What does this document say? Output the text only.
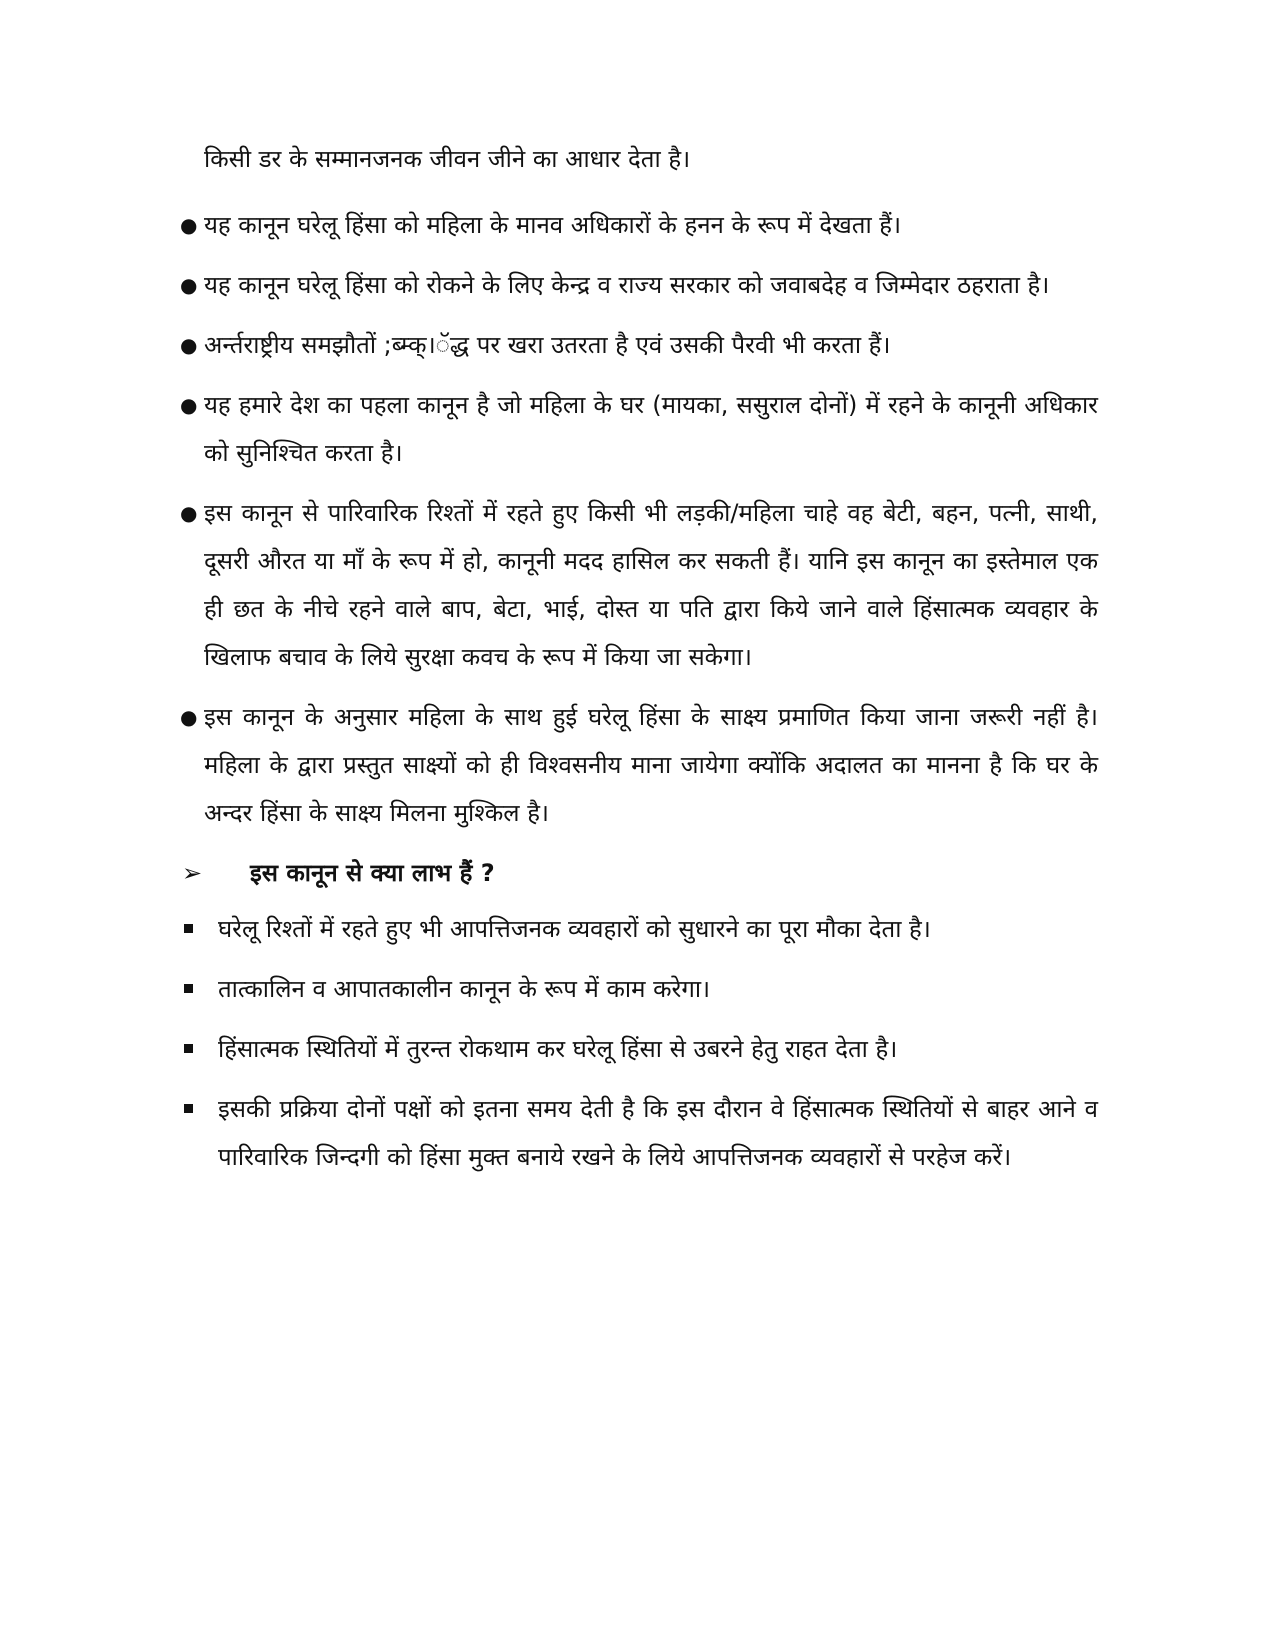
किसी डर के सम्मानजनक जीवन जीने का आधार देता है।

● यह कानून घरेलू हिंसा को महिला के मानव अधिकारों के हनन के रूप में देखता हैं।
● यह कानून घरेलू हिंसा को रोकने के लिए केन्द्र व राज्य सरकार को जवाबदेह व जिम्मेदार ठहराता है।
● अर्न्तराष्ट्रीय समझौतों ;ब्म्क्।ॅद्ध पर खरा उतरता है एवं उसकी पैरवी भी करता हैं।
● यह हमारे देश का पहला कानून है जो महिला के घर (मायका, ससुराल दोनों) में रहने के कानूनी अधिकार को सुनिश्चित करता है।
● इस कानून से पारिवारिक रिश्तों में रहते हुए किसी भी लड़की/महिला चाहे वह बेटी, बहन, पत्नी, साथी, दूसरी औरत या माँ के रूप में हो, कानूनी मदद हासिल कर सकती हैं। यानि इस कानून का इस्तेमाल एक ही छत के नीचे रहने वाले बाप, बेटा, भाई, दोस्त या पति द्वारा किये जाने वाले हिंसात्मक व्यवहार के खिलाफ बचाव के लिये सुरक्षा कवच के रूप में किया जा सकेगा।
● इस कानून के अनुसार महिला के साथ हुई घरेलू हिंसा के साक्ष्य प्रमाणित किया जाना जरूरी नहीं है। महिला के द्वारा प्रस्तुत साक्ष्यों को ही विश्वसनीय माना जायेगा क्योंकि अदालत का मानना है कि घर के अन्दर हिंसा के साक्ष्य मिलना मुश्किल है।
➢ इस कानून से क्या लाभ हैं ?
घरेलू रिश्तों में रहते हुए भी आपत्तिजनक व्यवहारों को सुधारने का पूरा मौका देता है।
तात्कालिन व आपातकालीन कानून के रूप में काम करेगा।
हिंसात्मक स्थितियों में तुरन्त रोकथाम कर घरेलू हिंसा से उबरने हेतु राहत देता है।
इसकी प्रक्रिया दोनों पक्षों को इतना समय देती है कि इस दौरान वे हिंसात्मक स्थितियों से बाहर आने व पारिवारिक जिन्दगी को हिंसा मुक्त बनाये रखने के लिये आपत्तिजनक व्यवहारों से परहेज करें।
